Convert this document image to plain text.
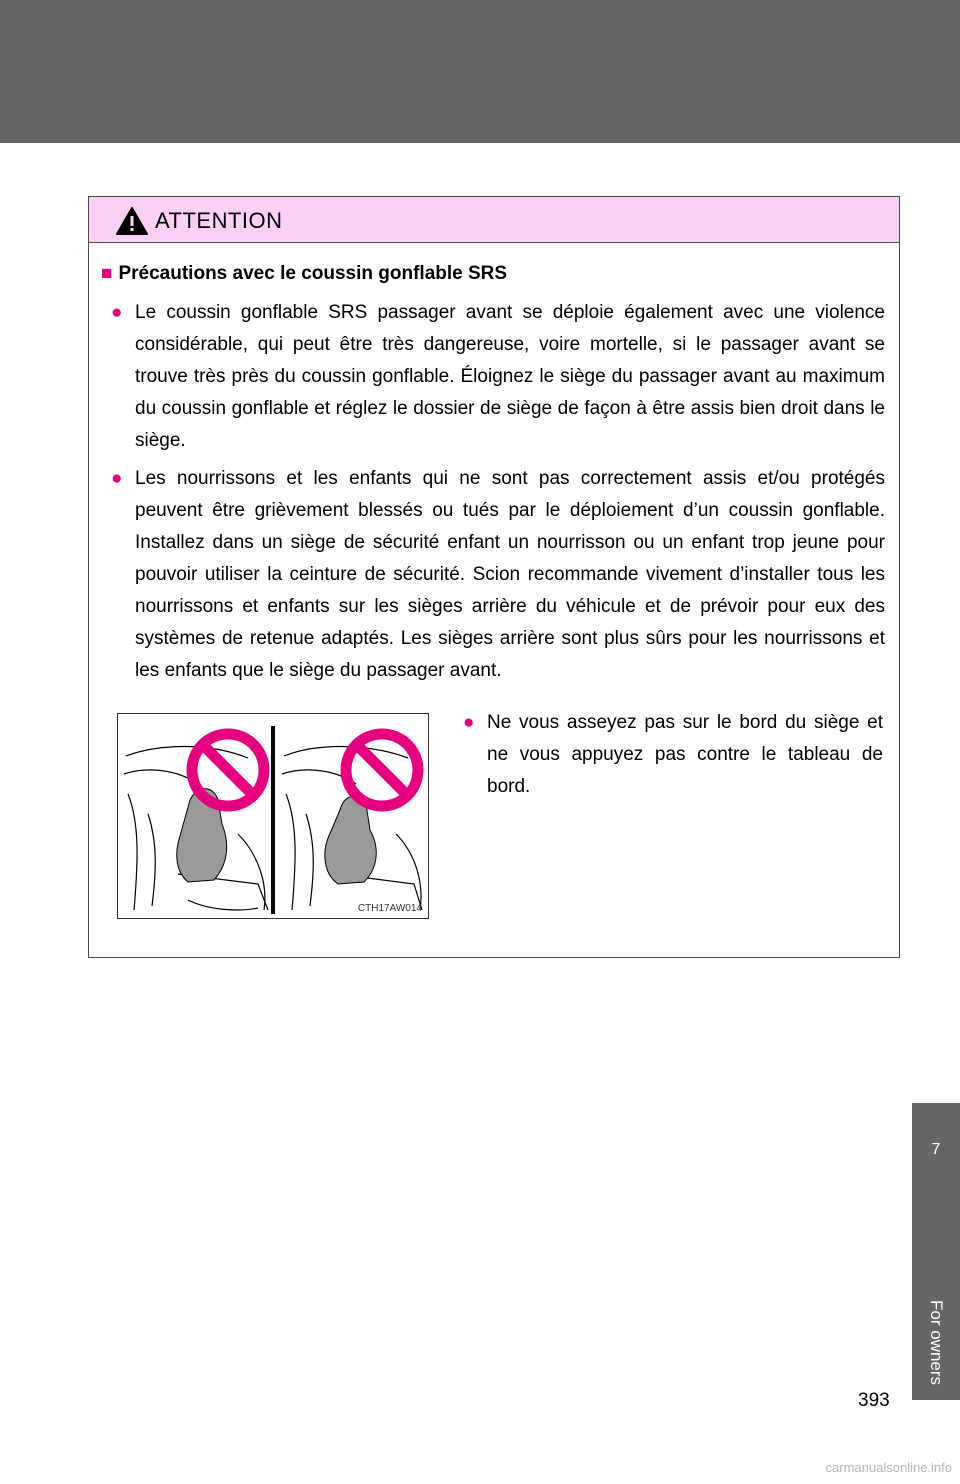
7
For owners
ATTENTION
■ Précautions avec le coussin gonflable SRS
● Le coussin gonflable SRS passager avant se déploie également avec une violence considérable, qui peut être très dangereuse, voire mortelle, si le passager avant se trouve très près du coussin gonflable. Éloignez le siège du passager avant au maximum du coussin gonflable et réglez le dossier de siège de façon à être assis bien droit dans le siège.
● Les nourrissons et les enfants qui ne sont pas correctement assis et/ou protégés peuvent être grièvement blessés ou tués par le déploiement d’un coussin gonflable. Installez dans un siège de sécurité enfant un nourrisson ou un enfant trop jeune pour pouvoir utiliser la ceinture de sécurité. Scion recommande vivement d’installer tous les nourrissons et enfants sur les sièges arrière du véhicule et de prévoir pour eux des systèmes de retenue adaptés. Les sièges arrière sont plus sûrs pour les nourrissons et les enfants que le siège du passager avant.
CTH17AW014
● Ne vous asseyez pas sur le bord du siège et ne vous appuyez pas contre le tableau de bord.
393
carmanualsonline.info
